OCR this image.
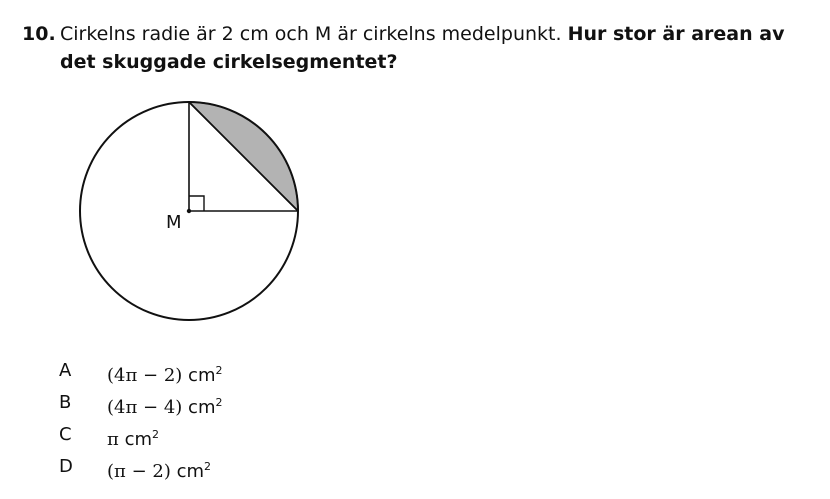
10. Cirkelns radie är 2 cm och M är cirkelns medelpunkt. Hur stor är arean av det skuggade cirkelsegmentet?
M
A (4π − 2) $cm^2$
B (4π − 4) $cm^2$
C π $cm^2$
D (π − 2) $cm^2$
